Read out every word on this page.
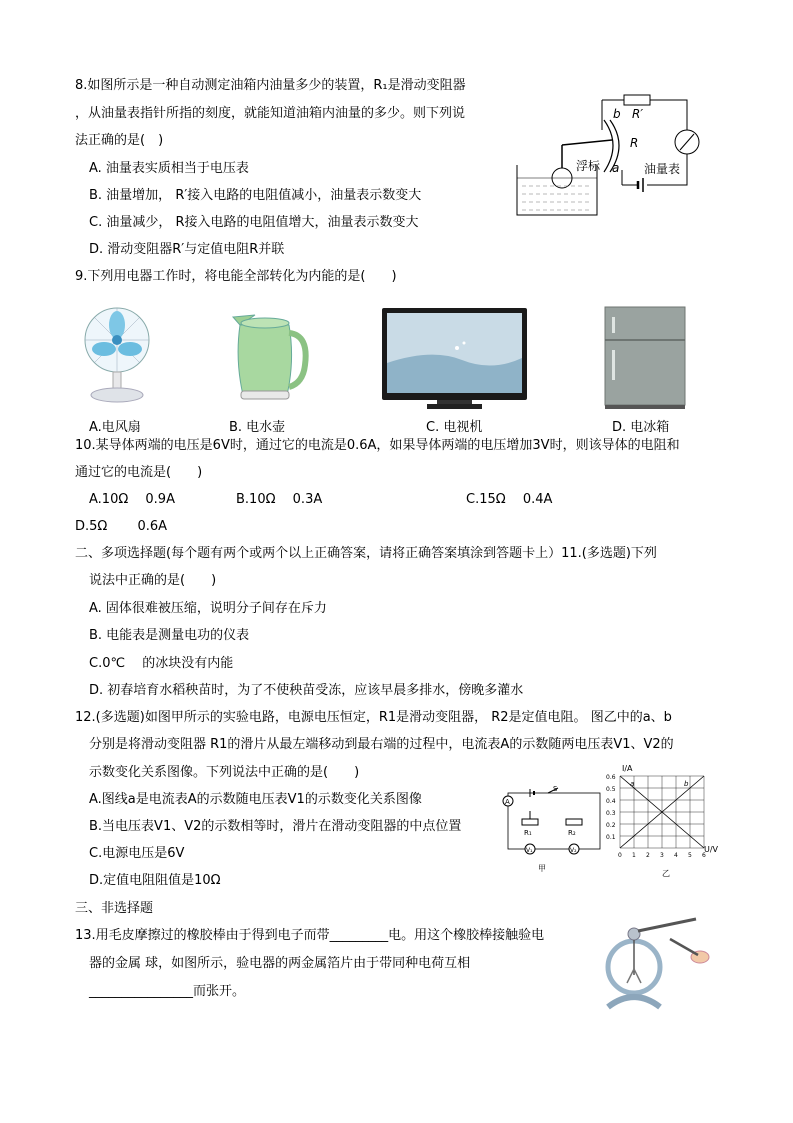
8.如图所示是一种自动测定油箱内油量多少的装置，R₁是滑动变阻器
，从油量表指针所指的刻度，就能知道油箱内油量的多少。则下列说
法正确的是(　)
A. 油量表实质相当于电压表
B. 油量增加， R′接入电路的电阻值减小，油量表示数变大
C. 油量减少， R接入电路的电阻值增大，油量表示数变大
D. 滑动变阻器R′与定值电阻R并联
R′
油量表
b
a
R
浮标
9.下列用电器工作时，将电能全部转化为内能的是(　　)
A.电风扇	B. 电水壶	C. 电视机	D. 电冰箱
10.某导体两端的电压是6V时，通过它的电流是0.6A，如果导体两端的电压增加3V时，则该导体的电阻和
通过它的电流是(　　)
A.10Ω　 0.9A	B.10Ω　 0.3A	C.15Ω　 0.4A
D.5Ω　　 0.6A
二、多项选择题(每个题有两个或两个以上正确答案，请将正确答案填涂到答题卡上）11.(多选题)下列
说法中正确的是(　　)
A. 固体很难被压缩，说明分子间存在斥力
B. 电能表是测量电功的仪表
C.0℃　 的冰块没有内能
D. 初春培育水稻秧苗时，为了不使秧苗受冻，应该早晨多排水，傍晚多灌水
12.(多选题)如图甲所示的实验电路，电源电压恒定，R1是滑动变阻器， R2是定值电阻。 图乙中的a、b
分别是将滑动变阻器 R1的滑片从最左端移动到最右端的过程中，电流表A的示数随两电压表V1、V2的
示数变化关系图像。下列说法中正确的是(　　)
A.图线a是电流表A的示数随电压表V1的示数变化关系图像
B.当电压表V1、V2的示数相等时，滑片在滑动变阻器的中点位置
C.电源电压是6V
D.定值电阻阻值是10Ω
A
S
R₁	R₂
V₁	V₂
甲
I/A
U/V
a	b
0.6
0.5
0.4
0.3
0.2
0.1
0 1 2 3 4 5 6
乙
三、非选择题
13.用毛皮摩擦过的橡胶棒由于得到电子而带_________电。用这个橡胶棒接触验电
器的金属 球，如图所示，验电器的两金属箔片由于带同种电荷互相
________________而张开。
